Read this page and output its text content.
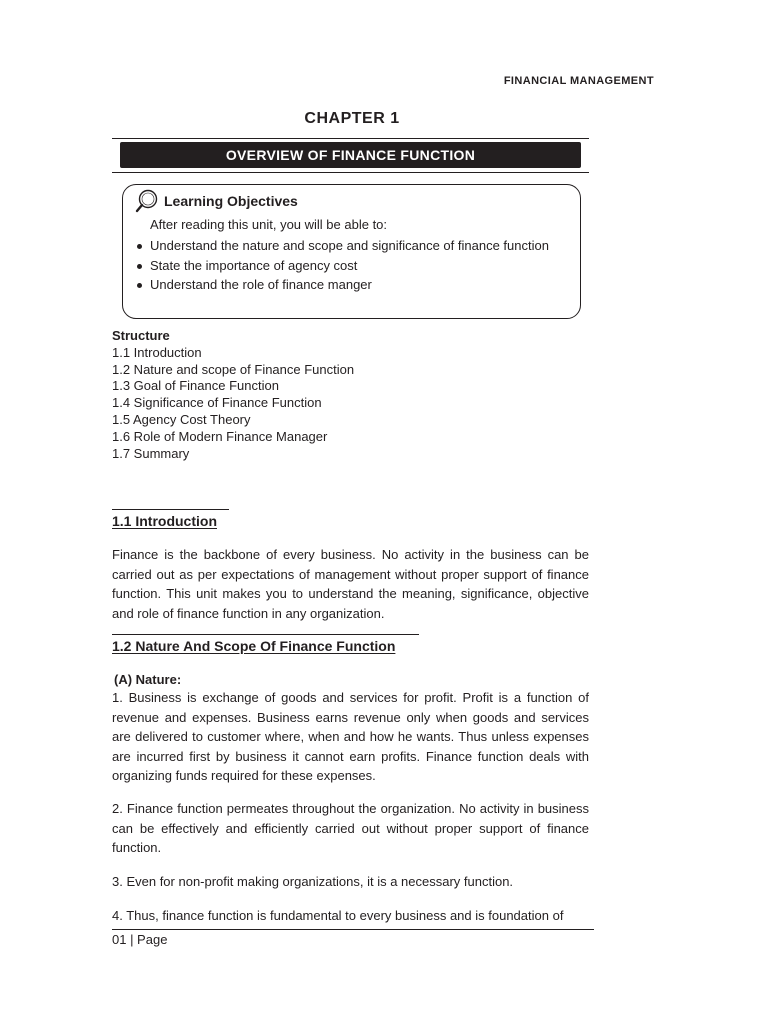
FINANCIAL MANAGEMENT
CHAPTER 1
OVERVIEW OF FINANCE FUNCTION
Learning Objectives
After reading this unit, you will be able to:
Understand the nature and scope and significance of finance function
State the importance of agency cost
Understand the role of finance manger
Structure
1.1 Introduction
1.2 Nature and scope of Finance Function
1.3 Goal of Finance Function
1.4 Significance of Finance Function
1.5 Agency Cost Theory
1.6 Role of Modern Finance Manager
1.7 Summary
1.1 Introduction

Finance is the backbone of every business. No activity in the business can be carried out as per expectations of management without proper support of finance function. This unit makes you to understand the meaning, significance, objective and role of finance function in any organization.

1.2 Nature And Scope Of Finance Function
(A) Nature:

1. Business is exchange of goods and services for profit. Profit is a function of revenue and expenses. Business earns revenue only when goods and services are delivered to customer where, when and how he wants. Thus unless expenses are incurred first by business it cannot earn profits. Finance function deals with organizing funds required for these expenses.

2. Finance function permeates throughout the organization. No activity in business can be effectively and efficiently carried out without proper support of finance function.

3. Even for non-profit making organizations, it is a necessary function.

4. Thus, finance function is fundamental to every business and is foundation of

01 | Page
